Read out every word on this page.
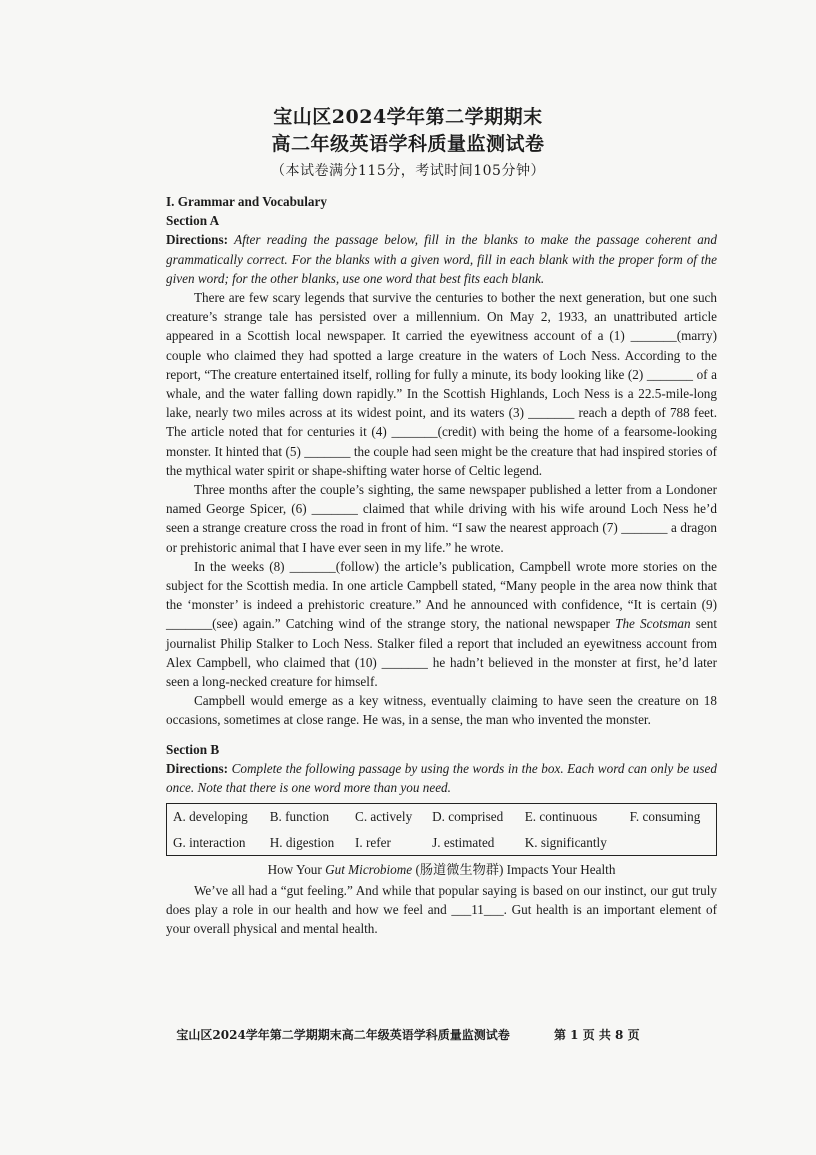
宝山区2024学年第二学期期末
高二年级英语学科质量监测试卷
（本试卷满分115分，考试时间105分钟）
I. Grammar and Vocabulary
Section A
Directions: After reading the passage below, fill in the blanks to make the passage coherent and grammatically correct. For the blanks with a given word, fill in each blank with the proper form of the given word; for the other blanks, use one word that best fits each blank.

There are few scary legends that survive the centuries to bother the next generation, but one such creature’s strange tale has persisted over a millennium. On May 2, 1933, an unattributed article appeared in a Scottish local newspaper. It carried the eyewitness account of a (1) _______(marry) couple who claimed they had spotted a large creature in the waters of Loch Ness. According to the report, “The creature entertained itself, rolling for fully a minute, its body looking like (2) _______ of a whale, and the water falling down rapidly.” In the Scottish Highlands, Loch Ness is a 22.5-mile-long lake, nearly two miles across at its widest point, and its waters (3) _______ reach a depth of 788 feet. The article noted that for centuries it (4) _______(credit) with being the home of a fearsome-looking monster. It hinted that (5) _______ the couple had seen might be the creature that had inspired stories of the mythical water spirit or shape-shifting water horse of Celtic legend.

Three months after the couple’s sighting, the same newspaper published a letter from a Londoner named George Spicer, (6) _______ claimed that while driving with his wife around Loch Ness he’d seen a strange creature cross the road in front of him. “I saw the nearest approach (7) _______ a dragon or prehistoric animal that I have ever seen in my life.” he wrote.

In the weeks (8) _______(follow) the article’s publication, Campbell wrote more stories on the subject for the Scottish media. In one article Campbell stated, “Many people in the area now think that the ‘monster’ is indeed a prehistoric creature.” And he announced with confidence, “It is certain (9) _______(see) again.” Catching wind of the strange story, the national newspaper The Scotsman sent journalist Philip Stalker to Loch Ness. Stalker filed a report that included an eyewitness account from Alex Campbell, who claimed that (10) _______ he hadn’t believed in the monster at first, he’d later seen a long-necked creature for himself.

Campbell would emerge as a key witness, eventually claiming to have seen the creature on 18 occasions, sometimes at close range. He was, in a sense, the man who invented the monster.

Section B
Directions: Complete the following passage by using the words in the box. Each word can only be used once. Note that there is one word more than you need.
A. developing	B. function	C. actively	D. comprised	E. continuous	F. consuming
G. interaction	H. digestion	I. refer	J. estimated	K. significantly	
How Your Gut Microbiome (肠道微生物群) Impacts Your Health

We’ve all had a “gut feeling.” And while that popular saying is based on our instinct, our gut truly does play a role in our health and how we feel and ___11___. Gut health is an important element of your overall physical and mental health.

宝山区2024学年第二学期期末高二年级英语学科质量监测试卷	第 1 页 共 8 页
